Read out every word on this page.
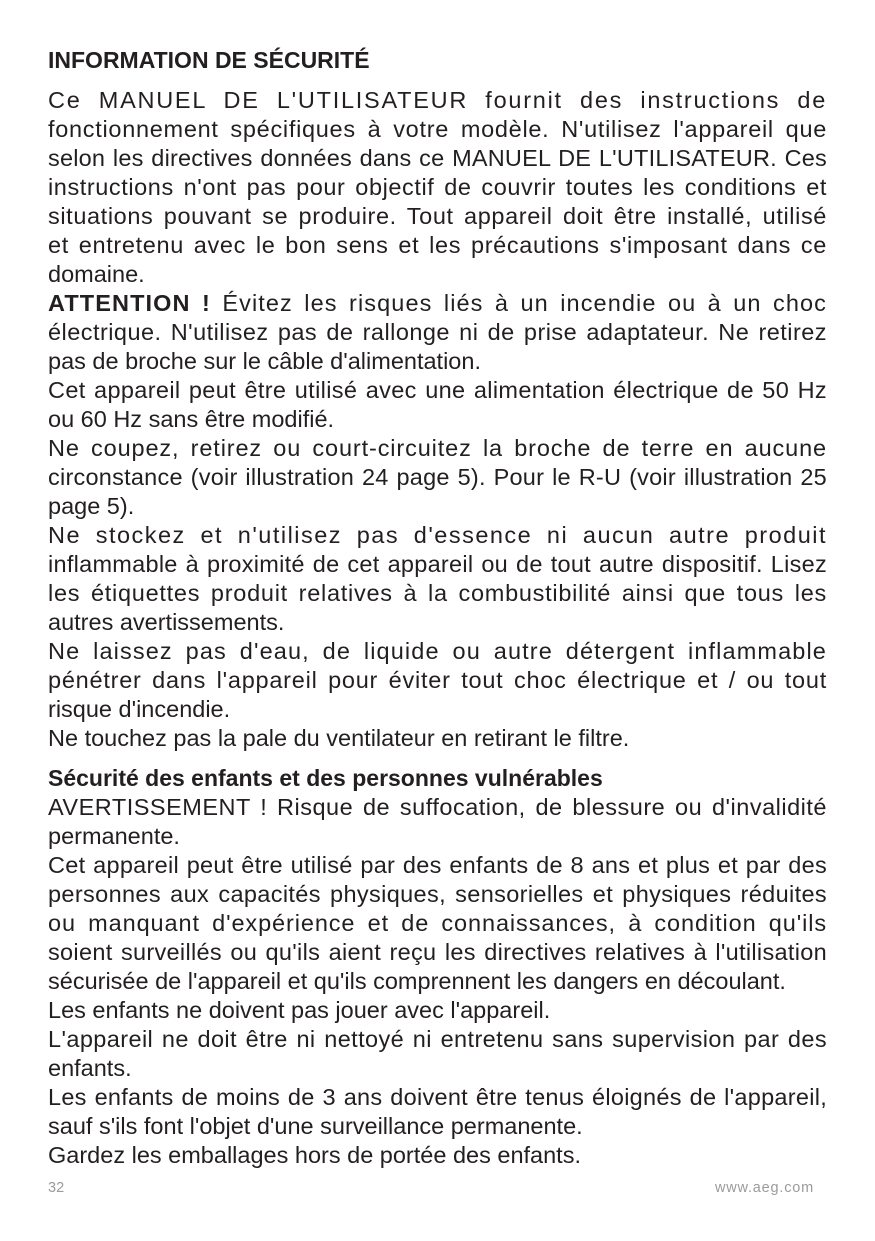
INFORMATION DE SÉCURITÉ
Ce MANUEL DE L'UTILISATEUR fournit des instructions de
fonctionnement spécifiques à votre modèle. N'utilisez l'appareil que
selon les directives données dans ce MANUEL DE L'UTILISATEUR. Ces
instructions n'ont pas pour objectif de couvrir toutes les conditions et
situations pouvant se produire. Tout appareil doit être installé, utilisé
et entretenu avec le bon sens et les précautions s'imposant dans ce
domaine.
ATTENTION ! Évitez les risques liés à un incendie ou à un choc
électrique. N'utilisez pas de rallonge ni de prise adaptateur. Ne retirez
pas de broche sur le câble d'alimentation.
Cet appareil peut être utilisé avec une alimentation électrique de 50 Hz
ou 60 Hz sans être modifié.
Ne coupez, retirez ou court-circuitez la broche de terre en aucune
circonstance (voir illustration 24 page 5). Pour le R-U (voir illustration 25
page 5).
Ne stockez et n'utilisez pas d'essence ni aucun autre produit
inflammable à proximité de cet appareil ou de tout autre dispositif. Lisez
les étiquettes produit relatives à la combustibilité ainsi que tous les
autres avertissements.
Ne laissez pas d'eau, de liquide ou autre détergent inflammable
pénétrer dans l'appareil pour éviter tout choc électrique et / ou tout
risque d'incendie.
Ne touchez pas la pale du ventilateur en retirant le filtre.
Sécurité des enfants et des personnes vulnérables
AVERTISSEMENT ! Risque de suffocation, de blessure ou d'invalidité
permanente.
Cet appareil peut être utilisé par des enfants de 8 ans et plus et par des
personnes aux capacités physiques, sensorielles et physiques réduites
ou manquant d'expérience et de connaissances, à condition qu'ils
soient surveillés ou qu'ils aient reçu les directives relatives à l'utilisation
sécurisée de l'appareil et qu'ils comprennent les dangers en découlant.
Les enfants ne doivent pas jouer avec l'appareil.
L'appareil ne doit être ni nettoyé ni entretenu sans supervision par des
enfants.
Les enfants de moins de 3 ans doivent être tenus éloignés de l'appareil,
sauf s'ils font l'objet d'une surveillance permanente.
Gardez les emballages hors de portée des enfants.
32	www.aeg.com
